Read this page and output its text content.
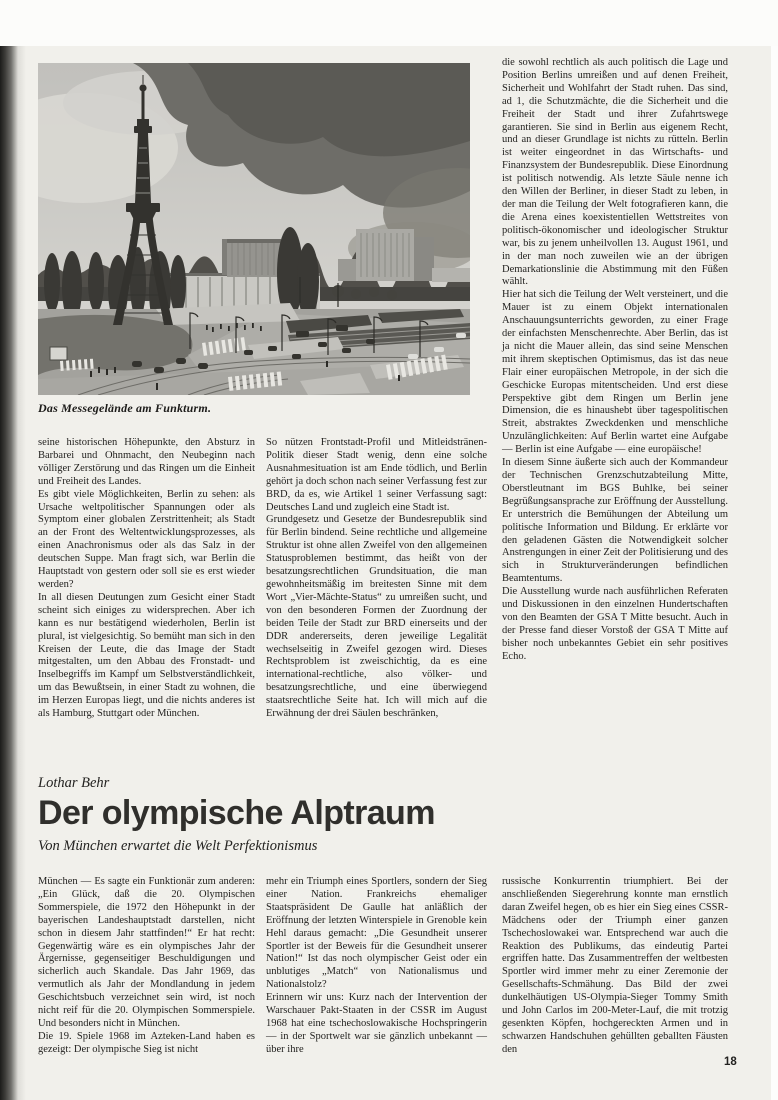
Das Messegelände am Funkturm.

seine historischen Höhepunkte, den Absturz in Barbarei und Ohnmacht, den Neubeginn nach völliger Zerstörung und das Ringen um die Einheit und Freiheit des Landes.

Es gibt viele Möglichkeiten, Berlin zu sehen: als Ursache weltpolitischer Spannungen oder als Symptom einer globalen Zerstrittenheit; als Stadt an der Front des Weltentwicklungsprozesses, als einen Anachronismus oder als das Salz in der deutschen Suppe. Man fragt sich, war Berlin die Hauptstadt von gestern oder soll sie es erst wieder werden?

In all diesen Deutungen zum Gesicht einer Stadt scheint sich einiges zu widersprechen. Aber ich kann es nur bestätigend wiederholen, Berlin ist plural, ist vielgesichtig. So bemüht man sich in den Kreisen der Leute, die das Image der Stadt mitgestalten, um den Abbau des Fronstadt- und Inselbegriffs im Kampf um Selbstverständlichkeit, um das Bewußtsein, in einer Stadt zu wohnen, die im Herzen Europas liegt, und die nichts anderes ist als Hamburg, Stuttgart oder München.

So nützen Frontstadt-Profil und Mitleidstränen-Politik dieser Stadt wenig, denn eine solche Ausnahmesituation ist am Ende tödlich, und Berlin gehört ja doch schon nach seiner Verfassung fest zur BRD, da es, wie Artikel 1 seiner Verfassung sagt: Deutsches Land und zugleich eine Stadt ist.

Grundgesetz und Gesetze der Bundesrepublik sind für Berlin bindend. Seine rechtliche und allgemeine Struktur ist ohne allen Zweifel von den allgemeinen Statusproblemen bestimmt, das heißt von der besatzungsrechtlichen Grundsituation, die man gewohnheitsmäßig im breitesten Sinne mit dem Wort „Vier-Mächte-Status“ zu umreißen sucht, und von den besonderen Formen der Zuordnung der beiden Teile der Stadt zur BRD einerseits und der DDR andererseits, deren jeweilige Legalität wechselseitig in Zweifel gezogen wird. Dieses Rechtsproblem ist zweischichtig, da es eine international-rechtliche, also völker- und besatzungsrechtliche, und eine überwiegend staatsrechtliche Seite hat. Ich will mich auf die Erwähnung der drei Säulen beschränken,

die sowohl rechtlich als auch politisch die Lage und Position Berlins umreißen und auf denen Freiheit, Sicherheit und Wohlfahrt der Stadt ruhen. Das sind, ad 1, die Schutzmächte, die die Sicherheit und die Freiheit der Stadt und ihrer Zufahrtswege garantieren. Sie sind in Berlin aus eigenem Recht, und an dieser Grundlage ist nichts zu rütteln. Berlin ist weiter eingeordnet in das Wirtschafts- und Finanzsystem der Bundesrepublik. Diese Einordnung ist politisch notwendig. Als letzte Säule nenne ich den Willen der Berliner, in dieser Stadt zu leben, in der man die Teilung der Welt fotografieren kann, die die Arena eines koexistentiellen Wettstreites von politisch-ökonomischer und ideologischer Struktur war, bis zu jenem unheilvollen 13. August 1961, und in der man noch zuweilen wie an der übrigen Demarkationslinie die Abstimmung mit den Füßen wählt.

Hier hat sich die Teilung der Welt versteinert, und die Mauer ist zu einem Objekt internationalen Anschauungsunterrichts geworden, zu einer Frage der einfachsten Menschenrechte. Aber Berlin, das ist ja nicht die Mauer allein, das sind seine Menschen mit ihrem skeptischen Optimismus, das ist das neue Flair einer europäischen Metropole, in der sich die Geschicke Europas mitentscheiden. Und erst diese Perspektive gibt dem Ringen um Berlin jene Dimension, die es hinaushebt über tagespolitischen Streit, abstraktes Zweckdenken und menschliche Unzulänglichkeiten: Auf Berlin wartet eine Aufgabe — Berlin ist eine Aufgabe — eine europäische!

In diesem Sinne äußerte sich auch der Kommandeur der Technischen Grenzschutzabteilung Mitte, Oberstleutnant im BGS Buhlke, bei seiner Begrüßungsansprache zur Eröffnung der Ausstellung. Er unterstrich die Bemühungen der Abteilung um politische Information und Bildung. Er erklärte vor den geladenen Gästen die Notwendigkeit solcher Anstrengungen in einer Zeit der Politisierung und des sich in Strukturveränderungen befindlichen Beamtentums.

Die Ausstellung wurde nach ausführlichen Referaten und Diskussionen in den einzelnen Hundertschaften von den Beamten der GSA T Mitte besucht. Auch in der Presse fand dieser Vorstoß der GSA T Mitte auf bisher noch unbekanntes Gebiet ein sehr positives Echo.

Lothar Behr
Der olympische Alptraum
Von München erwartet die Welt Perfektionismus

München — Es sagte ein Funktionär zum anderen: „Ein Glück, daß die 20. Olympischen Sommerspiele, die 1972 den Höhepunkt in der bayerischen Landeshauptstadt darstellen, nicht schon in diesem Jahr stattfinden!“ Er hat recht: Gegenwärtig wäre es ein olympisches Jahr der Ärgernisse, gegenseitiger Beschuldigungen und sicherlich auch Skandale. Das Jahr 1969, das vermutlich als Jahr der Mondlandung in jedem Geschichtsbuch verzeichnet sein wird, ist noch nicht reif für die 20. Olympischen Sommerspiele. Und besonders nicht in München.

Die 19. Spiele 1968 im Azteken-Land haben es gezeigt: Der olympische Sieg ist nicht

mehr ein Triumph eines Sportlers, sondern der Sieg einer Nation. Frankreichs ehemaliger Staatspräsident De Gaulle hat anläßlich der Eröffnung der letzten Winterspiele in Grenoble kein Hehl daraus gemacht: „Die Gesundheit unserer Sportler ist der Beweis für die Gesundheit unserer Nation!“ Ist das noch olympischer Geist oder ein unblutiges „Match“ von Nationalismus und Nationalstolz?

Erinnern wir uns: Kurz nach der Intervention der Warschauer Pakt-Staaten in der CSSR im August 1968 hat eine tschechoslowakische Hochspringerin — in der Sportwelt war sie gänzlich unbekannt — über ihre

russische Konkurrentin triumphiert. Bei der anschließenden Siegerehrung konnte man ernstlich daran Zweifel hegen, ob es hier ein Sieg eines CSSR-Mädchens oder der Triumph einer ganzen Tschechoslowakei war. Entsprechend war auch die Reaktion des Publikums, das eindeutig Partei ergriffen hatte. Das Zusammentreffen der weltbesten Sportler wird immer mehr zu einer Zeremonie der Gesellschafts-Schmähung. Das Bild der zwei dunkelhäutigen US-Olympia-Sieger Tommy Smith und John Carlos im 200-Meter-Lauf, die mit trotzig gesenkten Köpfen, hochgereckten Armen und in schwarzen Handschuhen gehüllten geballten Fäusten den

18
